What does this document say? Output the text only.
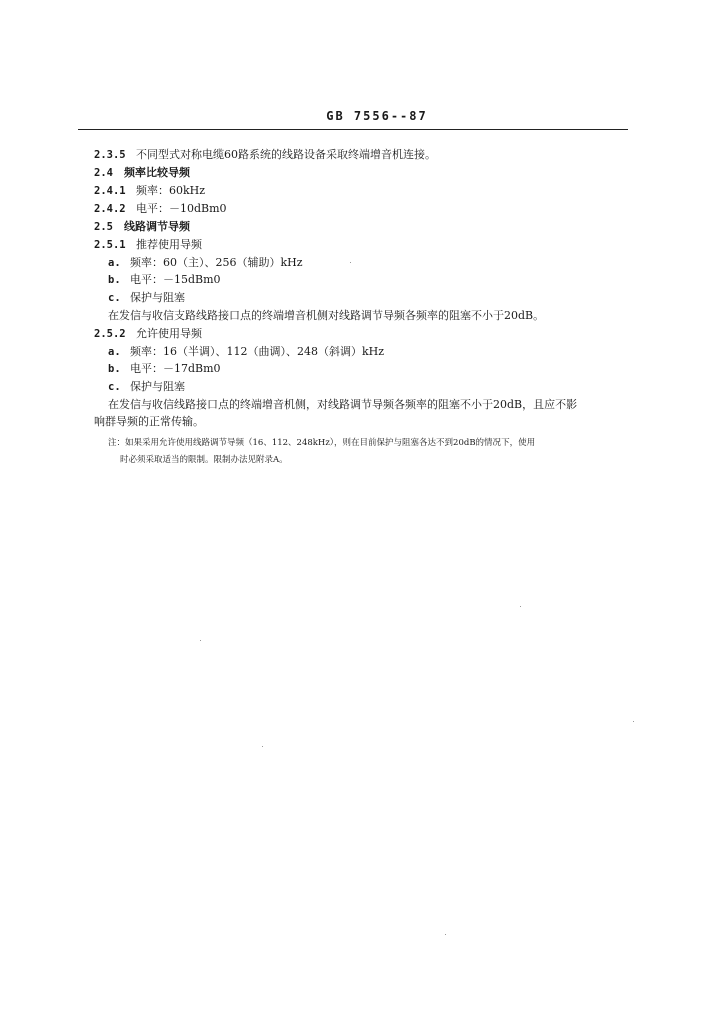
GB 7556--87
2.3.5 不同型式对称电缆60路系统的线路设备采取终端增音机连接。
2.4 频率比较导频
2.4.1 频率：60kHz
2.4.2 电平：－10dBm0
2.5 线路调节导频
2.5.1 推荐使用导频
a. 频率：60（主）、256（辅助）kHz
b. 电平：－15dBm0
c. 保护与阻塞
在发信与收信支路线路接口点的终端增音机侧对线路调节导频各频率的阻塞不小于20dB。
2.5.2 允许使用导频
a. 频率：16（半调）、112（曲调）、248（斜调）kHz
b. 电平：－17dBm0
c. 保护与阻塞
在发信与收信线路接口点的终端增音机侧，对线路调节导频各频率的阻塞不小于20dB，且应不影
响群导频的正常传输。
注：如果采用允许使用线路调节导频（16、112、248kHz），则在目前保护与阻塞各达不到20dB的情况下，使用
时必须采取适当的限制。限制办法见附录A。
